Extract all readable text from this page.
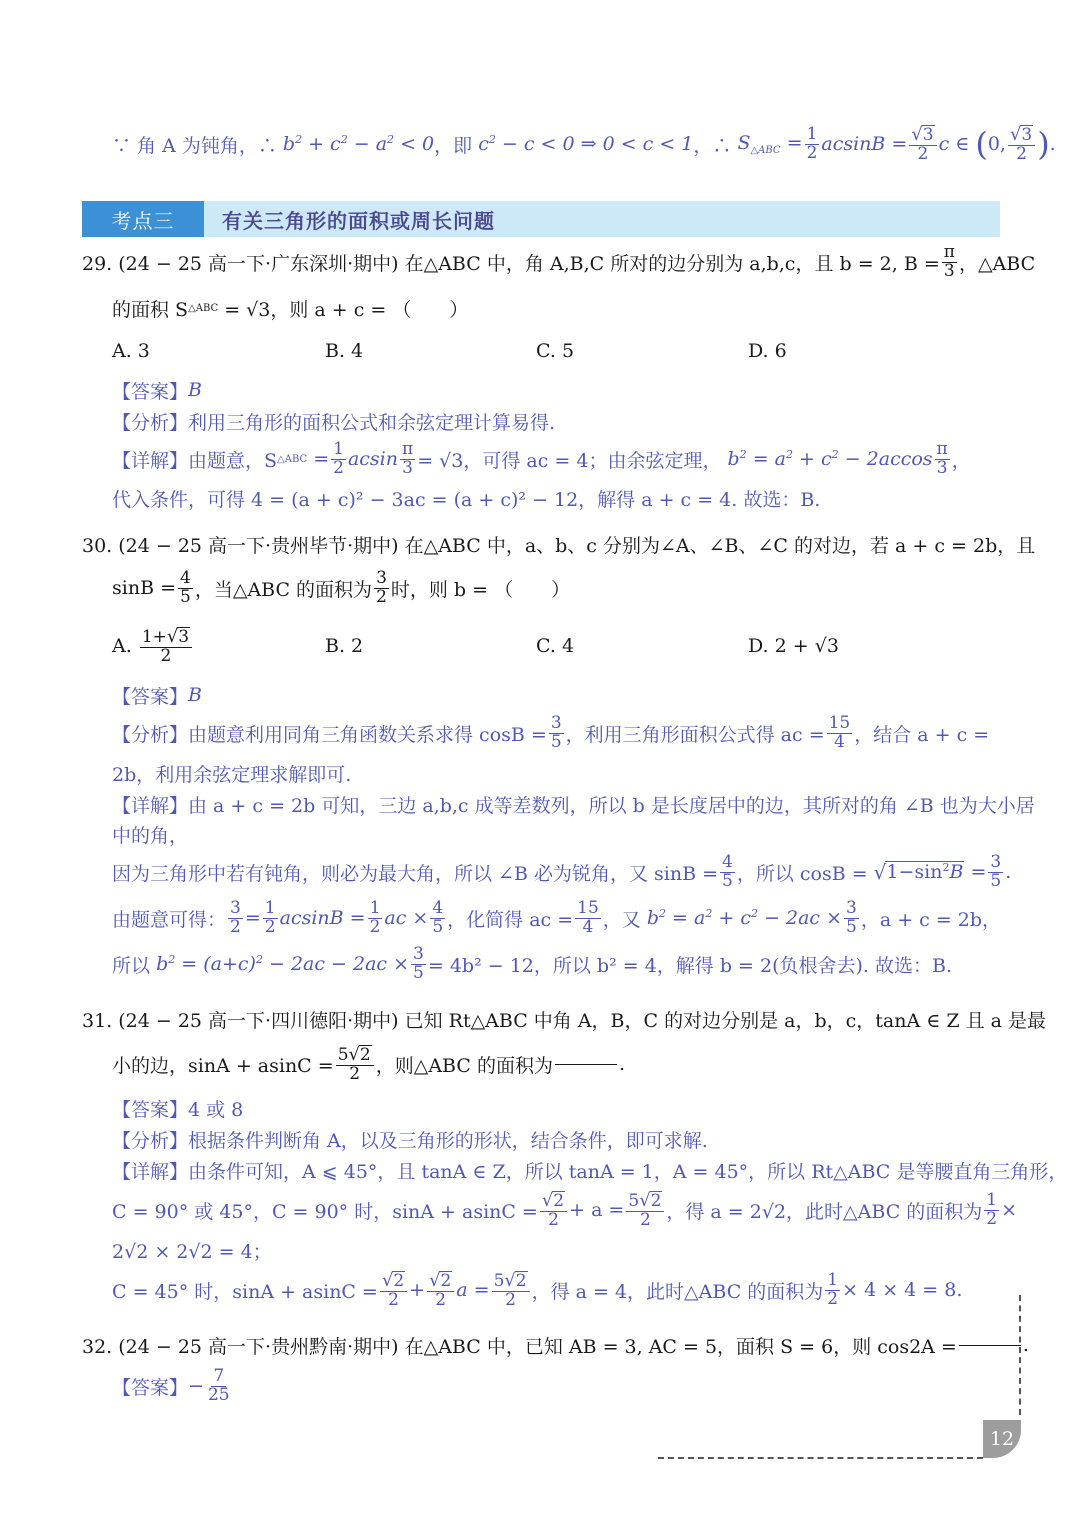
∵ 角 A 为钝角，∴
$b^2 + c^2 - a^2 < 0$ ，即
$c^2 - c < 0$ ⇒ 0 < c < 1 ，∴
$S_{\triangle ABC} = \frac{1}{2}$ $acsinB = \frac{√3}{2}$ c ∈
( 0, $\frac{√3}{2}$ ) .
考点三	有关三角形的面积或周长问题
29. (24 − 25 高一下·广东深圳·期中) 在△ABC 中，角 A,B,C 所对的边分别为 a,b,c，且 b = 2, $B = \frac{\pi}{3}$ ，△ABC
的面积 S △ABC
= √3，则 a + c = （　　）
A. 3	B. 4	C. 5	D. 6
【答案】 B
【分析】 利用三角形的面积公式和余弦定理计算易得.
【详解】 由题意，S △ABC = $\frac{1}{2}$ acsin $\frac{\pi}{3} = √3$，可得 ac = 4；由余弦定理，
$b^2 = a^2 + c^2$
− $2accos \frac{\pi}{3}$ ，
代入条件，可得 4 = (a + c)² − 3ac = (a + c)² − 12，解得 a + c = 4. 故选：B.
30. (24 − 25 高一下·贵州毕节·期中) 在△ABC 中，a、b、c 分别为∠A、∠B、∠C 的对边，若 a + c = 2b，且
$\sin B = \frac{4}{5}$ ，当△ABC 的面积为 $\frac{3}{2}$ 时，则 b = （　　）
A.
$\frac{1+√3}{2}$	B. 2	C. 4	D. 2 + √3
【答案】 B
【分析】 由题意利用同角三角函数关系求得 $\cos B = \frac{3}{5}$ ，利用三角形面积公式得 ac = $\frac{15}{4}$ ，结合 a + c =
2b，利用余弦定理求解即可.
【详解】 由 a + c = 2b 可知，三边 a,b,c 成等差数列，所以 b 是长度居中的边，其所对的角 ∠B 也为大小居
中的角，
因为三角形中若有钝角，则必为最大角，所以 ∠B 必为锐角，又 $\sin B = \frac{4}{5}$ ，所以 cosB =
√ $1-\sin^2B = \frac{3}{5}$ .
由题意可得： $\frac{3}{2} = \frac{1}{2}$ $acsinB = \frac{1}{2}$ ac × $\frac{4}{5}$ ，化简得 ac = $\frac{15}{4}$ ，又
$b^2 = a^2 + c^2$
− $2ac \times \frac{3}{5}$ ，a + c = 2b，
所以
$b^2 = (a+c)^2$
− $2ac - 2ac \times \frac{3}{5} = 4b^2 - 12$，所以 b² = 4，解得 b = 2(负根舍去). 故选：B.
31. (24 − 25 高一下·四川德阳·期中) 已知 Rt△ABC 中角 A，B，C 的对边分别是 a，b，c，tanA ∈ Z 且 a 是最
小的边，$\sin A + asinC = \frac{5√2}{2}$ ，则△ABC 的面积为	.
【答案】 4 或 8
【分析】 根据条件判断角 A，以及三角形的形状，结合条件，即可求解.
【详解】 由条件可知，A ⩽ 45°，且 tanA ∈ Z，所以 tanA = 1，A = 45°，所以 Rt△ABC 是等腰直角三角形，
C = 90° 或 45°，C = 90° 时，$\sin A + asinC = \frac{√2}{2} + a = \frac{5√2}{2}$ ，得 a = 2√2，此时△ABC 的面积为 $\frac{1}{2}$ ×
2√2 × 2√2 = 4；
C = 45° 时，$\sin A + asinC = \frac{√2}{2} + \frac{√2}{2}$ $a = \frac{5√2}{2}$ ，得 a = 4，此时△ABC 的面积为 $\frac{1}{2} \times 4 \times 4 = 8$.
32. (24 − 25 高一下·贵州黔南·期中) 在△ABC 中，已知 AB = 3, AC = 5，面积 S = 6，则 cos2A =	.
【答案】 − $\frac{7}{25}$
12
